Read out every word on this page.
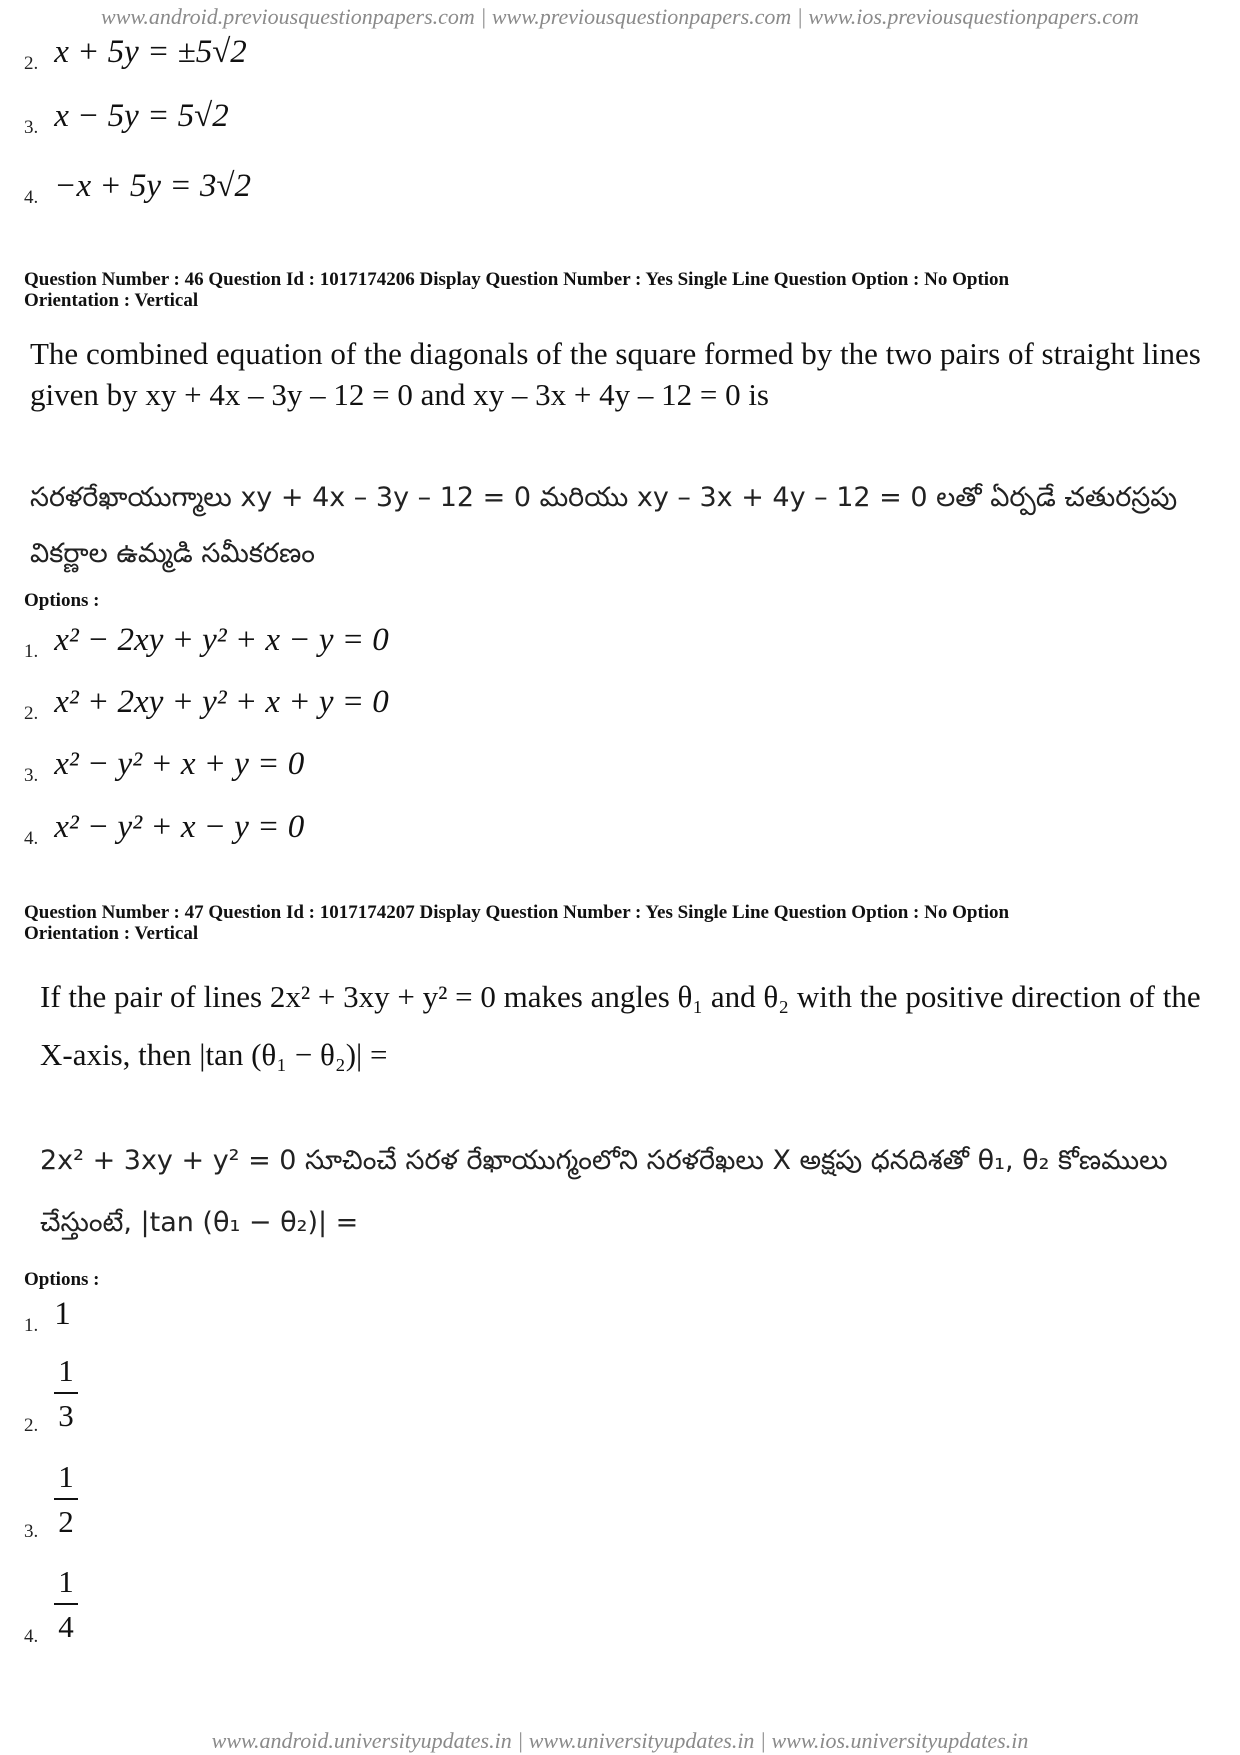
www.android.previousquestionpapers.com | www.previousquestionpapers.com | www.ios.previousquestionpapers.com
2. x + 5y = ±5√2
3. x − 5y = 5√2
4. −x + 5y = 3√2
Question Number : 46 Question Id : 1017174206 Display Question Number : Yes Single Line Question Option : No Option
Orientation : Vertical
The combined equation of the diagonals of the square formed by the two pairs of straight lines given by xy + 4x – 3y – 12 = 0 and xy – 3x + 4y – 12 = 0 is
సరళరేఖాయుగ్మాలు xy + 4x – 3y – 12 = 0 మరియు xy – 3x + 4y – 12 = 0 లతో ఏర్పడే చతురస్రపు వికర్ణాల ఉమ్మడి సమీకరణం
Options :
1. x² − 2xy + y² + x − y = 0
2. x² + 2xy + y² + x + y = 0
3. x² − y² + x + y = 0
4. x² − y² + x − y = 0
Question Number : 47 Question Id : 1017174207 Display Question Number : Yes Single Line Question Option : No Option
Orientation : Vertical
If the pair of lines 2x² + 3xy + y² = 0 makes angles θ₁ and θ₂ with the positive direction of the X-axis, then |tan (θ₁ − θ₂)| =
2x² + 3xy + y² = 0 సూచించే సరళ రేఖాయుగ్మంలోని సరళరేఖలు X అక్షపు ధనదిశతో θ₁, θ₂ కోణములు చేస్తుంటే, |tan (θ₁ − θ₂)| =
Options :
1. 1
2. $\frac{1}{3}$
3. $\frac{1}{2}$
4. $\frac{1}{4}$
www.android.universityupdates.in | www.universityupdates.in | www.ios.universityupdates.in
